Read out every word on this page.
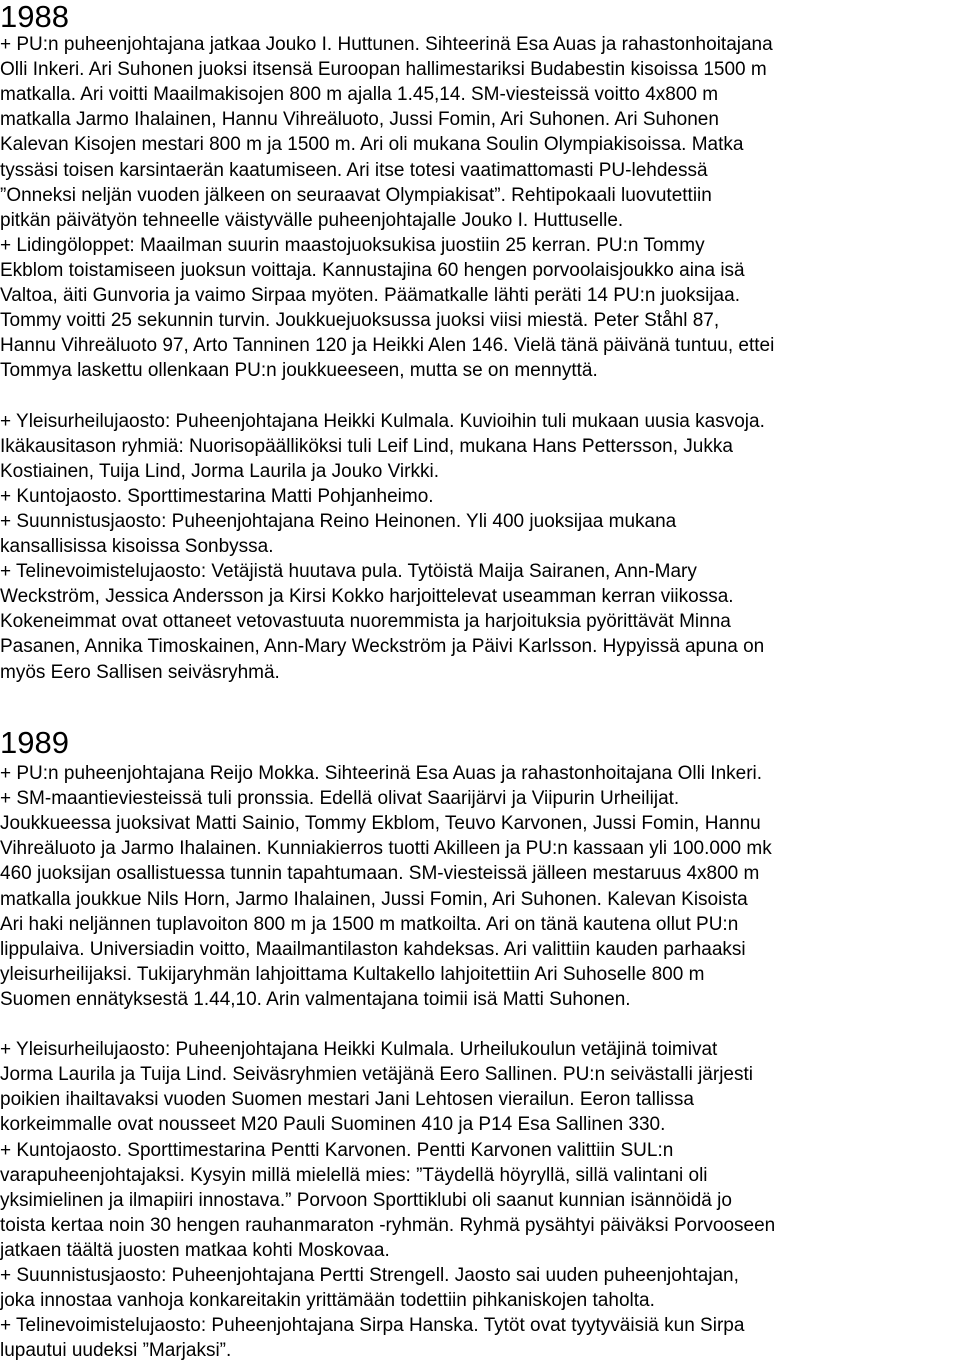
1988
+ PU:n puheenjohtajana jatkaa Jouko I. Huttunen. Sihteerinä Esa Auas ja rahastonhoitajana
Olli Inkeri. Ari Suhonen juoksi itsensä Euroopan hallimestariksi Budabestin kisoissa 1500 m
matkalla. Ari voitti Maailmakisojen 800 m ajalla 1.45,14. SM-viesteissä voitto 4x800 m
matkalla Jarmo Ihalainen, Hannu Vihreäluoto, Jussi Fomin, Ari Suhonen. Ari Suhonen
Kalevan Kisojen mestari 800 m ja 1500 m. Ari oli mukana Soulin Olympiakisoissa. Matka
tyssäsi toisen karsintaerän kaatumiseen. Ari itse totesi vaatimattomasti PU-lehdessä
”Onneksi neljän vuoden jälkeen on seuraavat Olympiakisat”. Rehtipokaali luovutettiin
pitkän päivätyön tehneelle väistyvälle puheenjohtajalle Jouko I. Huttuselle.
+ Lidingöloppet: Maailman suurin maastojuoksukisa juostiin 25 kerran. PU:n Tommy
Ekblom toistamiseen juoksun voittaja. Kannustajina 60 hengen porvoolaisjoukko aina isä
Valtoa, äiti Gunvoria ja vaimo Sirpaa myöten. Päämatkalle lähti peräti 14 PU:n juoksijaa.
Tommy voitti 25 sekunnin turvin. Joukkuejuoksussa juoksi viisi miestä. Peter Ståhl 87,
Hannu Vihreäluoto 97, Arto Tanninen 120 ja Heikki Alen 146. Vielä tänä päivänä tuntuu, ettei
Tommya laskettu ollenkaan PU:n joukkueeseen, mutta se on mennyttä.
+ Yleisurheilujaosto: Puheenjohtajana Heikki Kulmala. Kuvioihin tuli mukaan uusia kasvoja.
Ikäkausitason ryhmiä: Nuorisopäälliköksi tuli Leif Lind, mukana Hans Pettersson, Jukka
Kostiainen, Tuija Lind, Jorma Laurila ja Jouko Virkki.
+ Kuntojaosto. Sporttimestarina Matti Pohjanheimo.
+ Suunnistusjaosto: Puheenjohtajana Reino Heinonen. Yli 400 juoksijaa mukana
kansallisissa kisoissa Sonbyssa.
+ Telinevoimistelujaosto: Vetäjistä huutava pula. Tytöistä Maija Sairanen, Ann-Mary
Weckström, Jessica Andersson ja Kirsi Kokko harjoittelevat useamman kerran viikossa.
Kokeneimmat ovat ottaneet vetovastuuta nuoremmista ja harjoituksia pyörittävät Minna
Pasanen, Annika Timoskainen, Ann-Mary Weckström ja Päivi Karlsson. Hypyissä apuna on
myös Eero Sallisen seiväsryhmä.
1989
+ PU:n puheenjohtajana Reijo Mokka. Sihteerinä Esa Auas ja rahastonhoitajana Olli Inkeri.
+ SM-maantieviesteissä tuli pronssia. Edellä olivat Saarijärvi ja Viipurin Urheilijat.
Joukkueessa juoksivat Matti Sainio, Tommy Ekblom, Teuvo Karvonen, Jussi Fomin, Hannu
Vihreäluoto ja Jarmo Ihalainen. Kunniakierros tuotti Akilleen ja PU:n kassaan yli 100.000 mk
460 juoksijan osallistuessa tunnin tapahtumaan. SM-viesteissä jälleen mestaruus 4x800 m
matkalla joukkue Nils Horn, Jarmo Ihalainen, Jussi Fomin, Ari Suhonen. Kalevan Kisoista
Ari haki neljännen tuplavoiton 800 m ja 1500 m matkoilta. Ari on tänä kautena ollut PU:n
lippulaiva. Universiadin voitto, Maailmantilaston kahdeksas. Ari valittiin kauden parhaaksi
yleisurheilijaksi. Tukijaryhmän lahjoittama Kultakello lahjoitettiin Ari Suhoselle 800 m
Suomen ennätyksestä 1.44,10. Arin valmentajana toimii isä Matti Suhonen.
+ Yleisurheilujaosto: Puheenjohtajana Heikki Kulmala. Urheilukoulun vetäjinä toimivat
Jorma Laurila ja Tuija Lind. Seiväsryhmien vetäjänä Eero Sallinen. PU:n seivästalli järjesti
poikien ihailtavaksi vuoden Suomen mestari Jani Lehtosen vierailun. Eeron tallissa
korkeimmalle ovat nousseet M20 Pauli Suominen 410 ja P14 Esa Sallinen 330.
+ Kuntojaosto. Sporttimestarina Pentti Karvonen. Pentti Karvonen valittiin SUL:n
varapuheenjohtajaksi. Kysyin millä mielellä mies: ”Täydellä höyryllä, sillä valintani oli
yksimielinen ja ilmapiiri innostava.” Porvoon Sporttiklubi oli saanut kunnian isännöidä jo
toista kertaa noin 30 hengen rauhanmaraton -ryhmän. Ryhmä pysähtyi päiväksi Porvooseen
jatkaen täältä juosten matkaa kohti Moskovaa.
+ Suunnistusjaosto: Puheenjohtajana Pertti Strengell. Jaosto sai uuden puheenjohtajan,
joka innostaa vanhoja konkareitakin yrittämään todettiin pihkaniskojen taholta.
+ Telinevoimistelujaosto: Puheenjohtajana Sirpa Hanska. Tytöt ovat tyytyväisiä kun Sirpa
lupautui uudeksi ”Marjaksi”.
